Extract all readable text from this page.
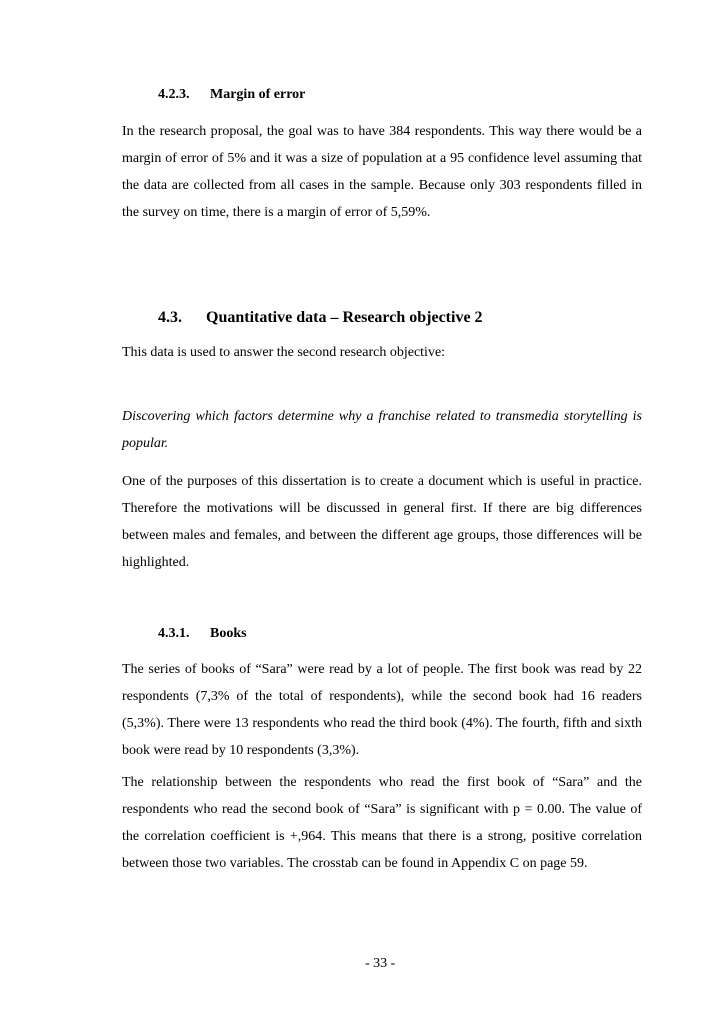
4.2.3. Margin of error
In the research proposal, the goal was to have 384 respondents. This way there would be a margin of error of 5% and it was a size of population at a 95 confidence level assuming that the data are collected from all cases in the sample. Because only 303 respondents filled in the survey on time, there is a margin of error of 5,59%.
4.3. Quantitative data – Research objective 2
This data is used to answer the second research objective:
Discovering which factors determine why a franchise related to transmedia storytelling is popular.
One of the purposes of this dissertation is to create a document which is useful in practice. Therefore the motivations will be discussed in general first. If there are big differences between males and females, and between the different age groups, those differences will be highlighted.
4.3.1. Books
The series of books of “Sara” were read by a lot of people. The first book was read by 22 respondents (7,3% of the total of respondents), while the second book had 16 readers (5,3%). There were 13 respondents who read the third book (4%). The fourth, fifth and sixth book were read by 10 respondents (3,3%).
The relationship between the respondents who read the first book of “Sara” and the respondents who read the second book of “Sara” is significant with p = 0.00. The value of the correlation coefficient is +,964. This means that there is a strong, positive correlation between those two variables. The crosstab can be found in Appendix C on page 59.
- 33 -
